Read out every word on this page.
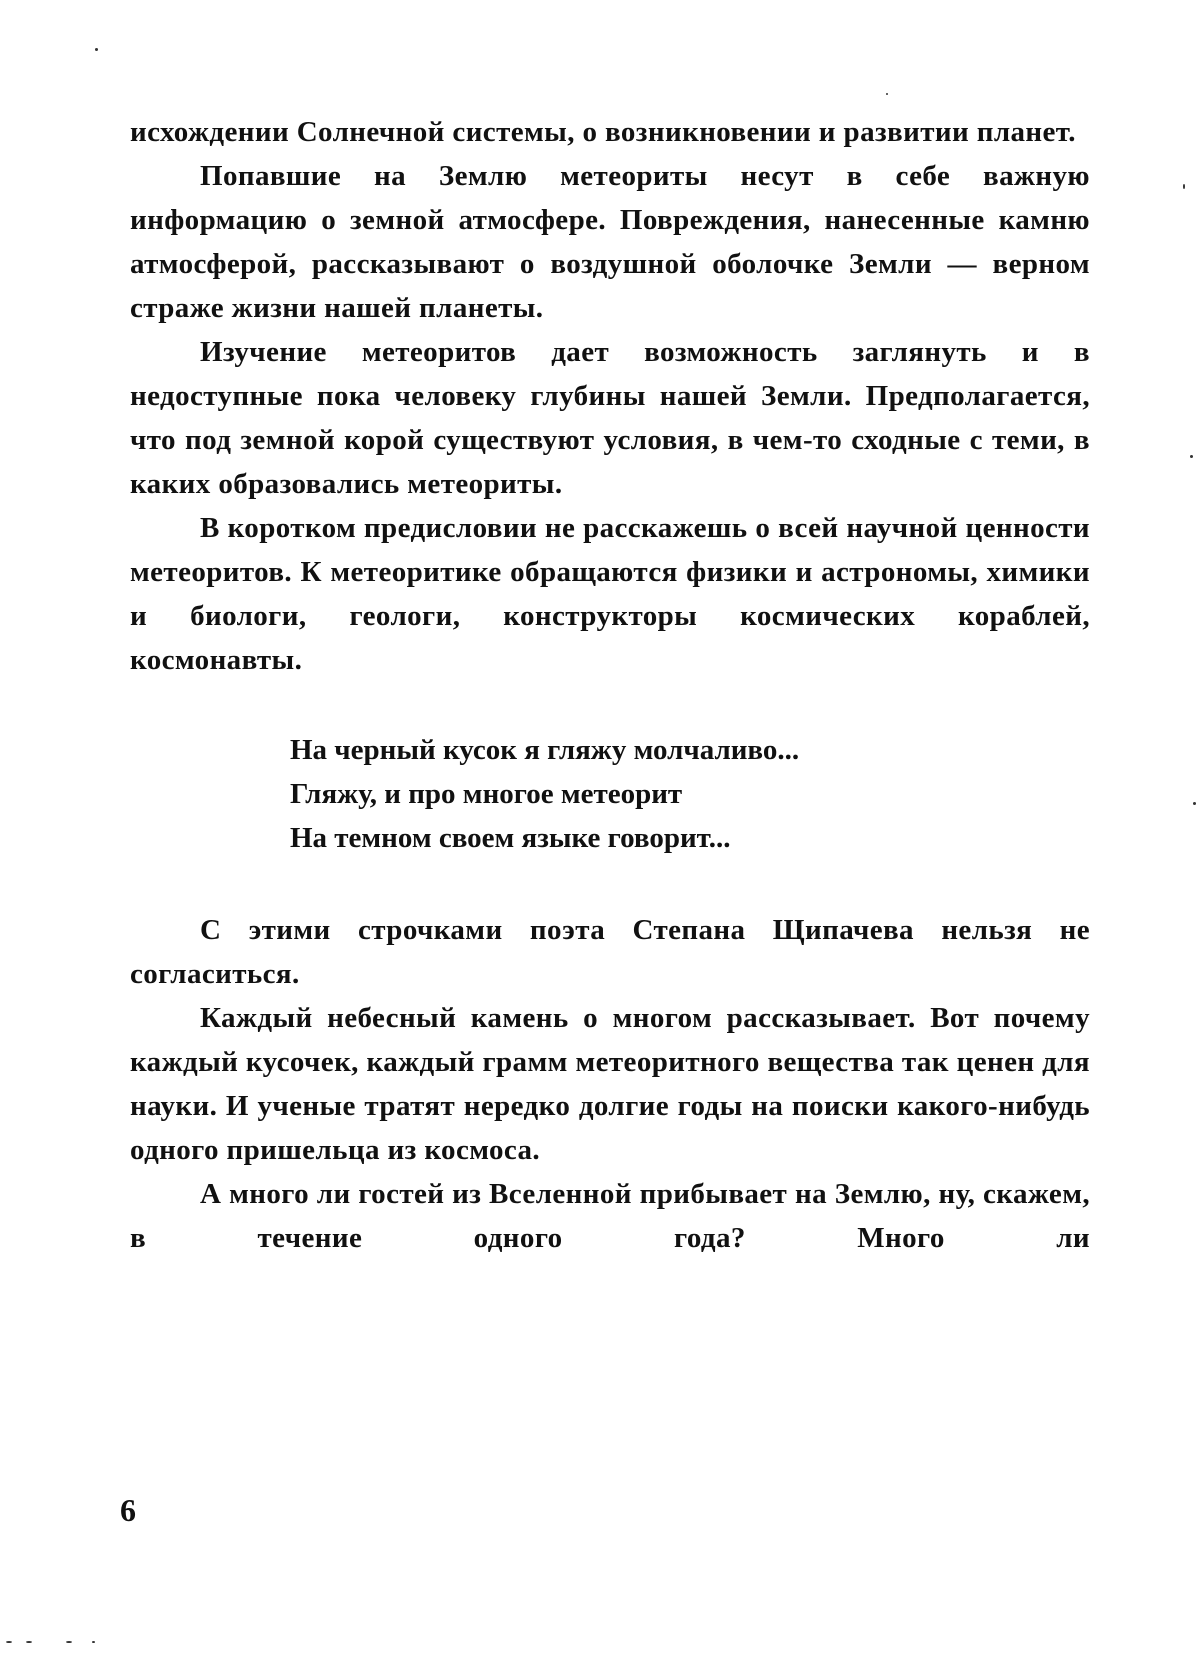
исхождении Солнечной системы, о возникновении и развитии планет.

Попавшие на Землю метеориты несут в себе важную информацию о земной атмосфере. Повреждения, нанесенные камню атмосферой, рассказывают о воздушной оболочке Земли — верном страже жизни нашей планеты.

Изучение метеоритов дает возможность заглянуть и в недоступные пока человеку глубины нашей Земли. Предполагается, что под земной корой существуют условия, в чем-то сходные с теми, в каких образовались метеориты.

В коротком предисловии не расскажешь о всей научной ценности метеоритов. К метеоритике обращаются физики и астрономы, химики и биологи, геологи, конструкторы космических кораблей, космонавты.

На черный кусок я гляжу молчаливо...
Гляжу, и про многое метеорит
На темном своем языке говорит...

С этими строчками поэта Степана Щипачева нельзя не согласиться.

Каждый небесный камень о многом рассказывает. Вот почему каждый кусочек, каждый грамм метеоритного вещества так ценен для науки. И ученые тратят нередко долгие годы на поиски какого-нибудь одного пришельца из космоса.

А много ли гостей из Вселенной прибывает на Землю, ну, скажем, в течение одного года? Много ли

6
